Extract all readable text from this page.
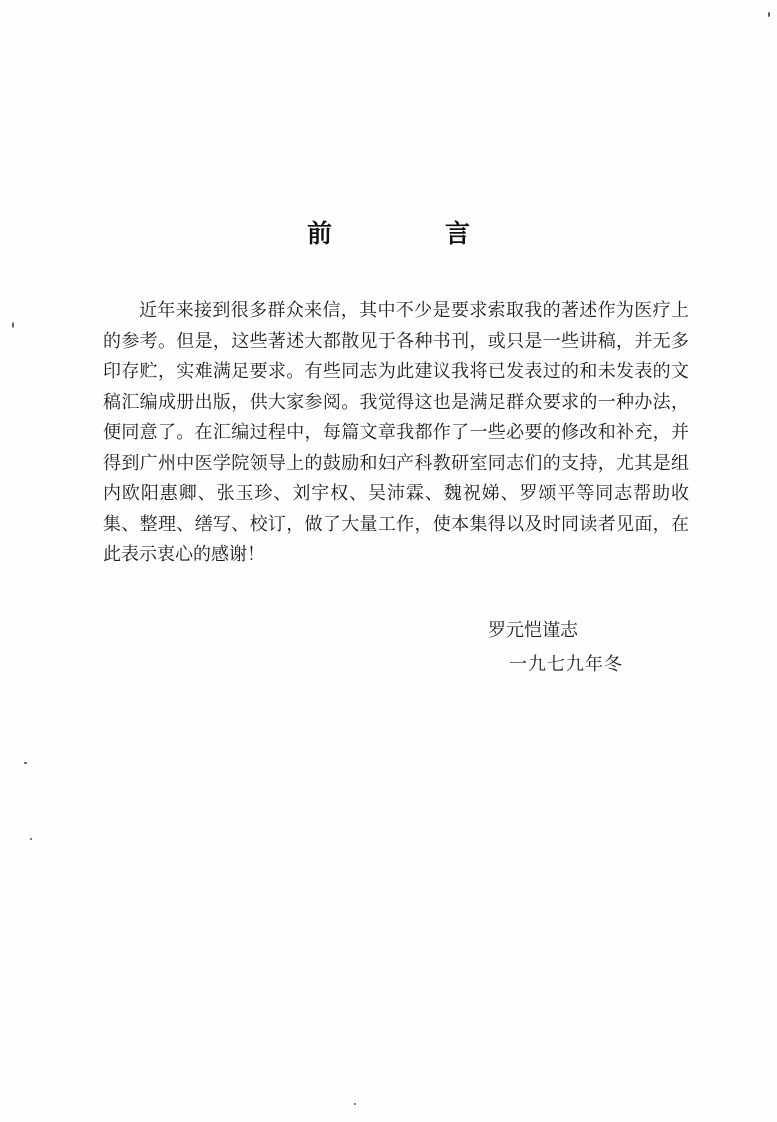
前　言

近年来接到很多群众来信，其中不少是要求索取我的著述作为医疗上的参考。但是，这些著述大都散见于各种书刊，或只是一些讲稿，并无多印存贮，实难满足要求。有些同志为此建议我将已发表过的和未发表的文稿汇编成册出版，供大家参阅。我觉得这也是满足群众要求的一种办法，便同意了。在汇编过程中，每篇文章我都作了一些必要的修改和补充，并得到广州中医学院领导上的鼓励和妇产科教研室同志们的支持，尤其是组内欧阳惠卿、张玉珍、刘宇权、吴沛霖、魏祝娣、罗颂平等同志帮助收集、整理、缮写、校订，做了大量工作，使本集得以及时同读者见面，在此表示衷心的感谢！

罗元恺谨志
一九七九年冬
